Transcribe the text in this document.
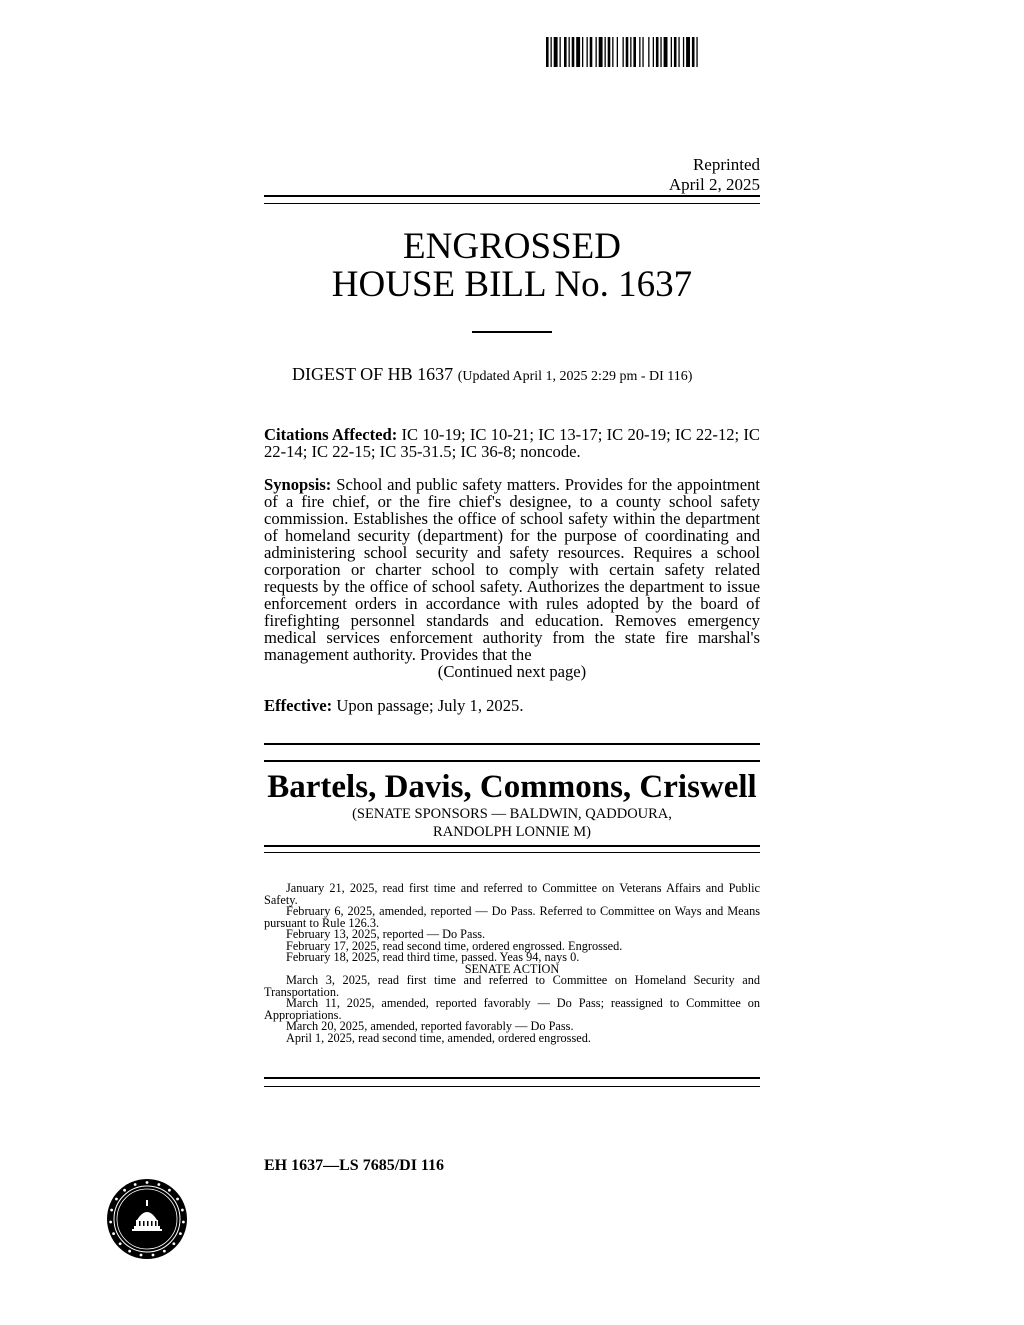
Reprinted
April 2, 2025
ENGROSSED
HOUSE BILL No. 1637
DIGEST OF HB 1637 (Updated April 1, 2025 2:29 pm - DI 116)
Citations Affected: IC 10-19; IC 10-21; IC 13-17; IC 20-19; IC 22-12; IC 22-14; IC 22-15; IC 35-31.5; IC 36-8; noncode.
Synopsis: School and public safety matters. Provides for the appointment of a fire chief, or the fire chief's designee, to a county school safety commission. Establishes the office of school safety within the department of homeland security (department) for the purpose of coordinating and administering school security and safety resources. Requires a school corporation or charter school to comply with certain safety related requests by the office of school safety. Authorizes the department to issue enforcement orders in accordance with rules adopted by the board of firefighting personnel standards and education. Removes emergency medical services enforcement authority from the state fire marshal's management authority. Provides that the
(Continued next page)
Effective: Upon passage; July 1, 2025.
Bartels, Davis, Commons, Criswell
(SENATE SPONSORS — BALDWIN, QADDOURA,
RANDOLPH LONNIE M)
January 21, 2025, read first time and referred to Committee on Veterans Affairs and Public Safety.
February 6, 2025, amended, reported — Do Pass. Referred to Committee on Ways and Means pursuant to Rule 126.3.
February 13, 2025, reported — Do Pass.
February 17, 2025, read second time, ordered engrossed. Engrossed.
February 18, 2025, read third time, passed. Yeas 94, nays 0.
SENATE ACTION
March 3, 2025, read first time and referred to Committee on Homeland Security and Transportation.
March 11, 2025, amended, reported favorably — Do Pass; reassigned to Committee on Appropriations.
March 20, 2025, amended, reported favorably — Do Pass.
April 1, 2025, read second time, amended, ordered engrossed.
EH 1637—LS 7685/DI 116
